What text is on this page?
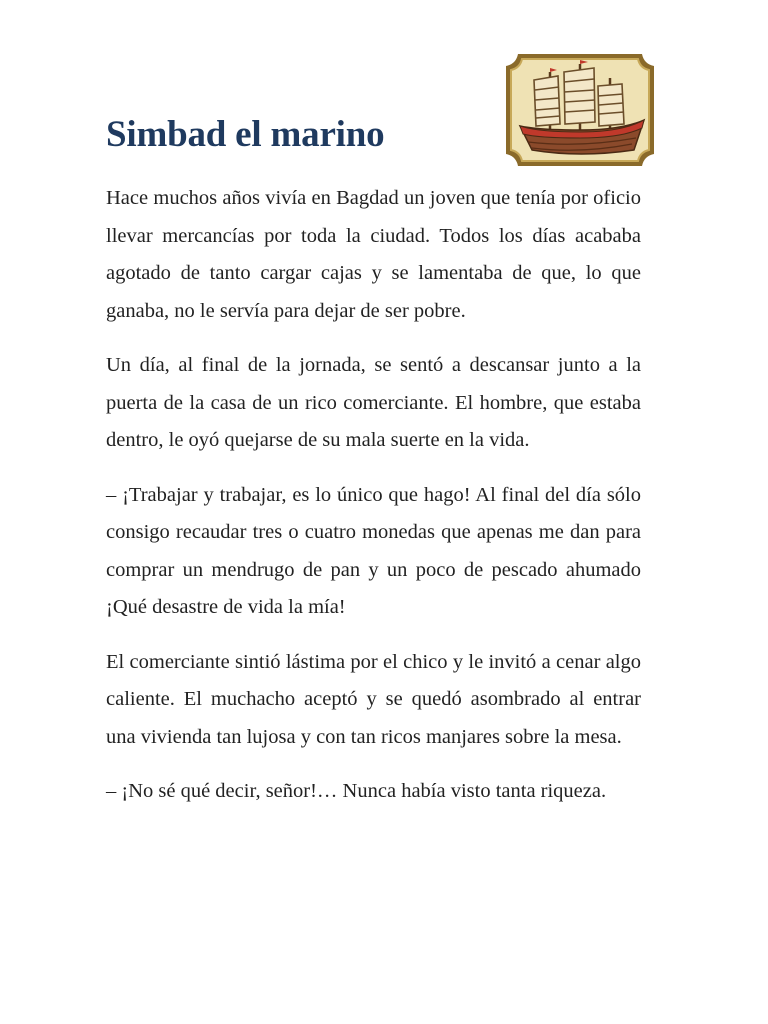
Simbad el marino

Hace muchos años vivía en Bagdad un joven que tenía por oficio llevar mercancías por toda la ciudad. Todos los días acababa agotado de tanto cargar cajas y se lamentaba de que, lo que ganaba, no le servía para dejar de ser pobre.

Un día, al final de la jornada, se sentó a descansar junto a la puerta de la casa de un rico comerciante. El hombre, que estaba dentro, le oyó quejarse de su mala suerte en la vida.

– ¡Trabajar y trabajar, es lo único que hago! Al final del día sólo consigo recaudar tres o cuatro monedas que apenas me dan para comprar un mendrugo de pan y un poco de pescado ahumado ¡Qué desastre de vida la mía!

El comerciante sintió lástima por el chico y le invitó a cenar algo caliente. El muchacho aceptó y se quedó asombrado al entrar una vivienda tan lujosa y con tan ricos manjares sobre la mesa.

– ¡No sé qué decir, señor!… Nunca había visto tanta riqueza.
